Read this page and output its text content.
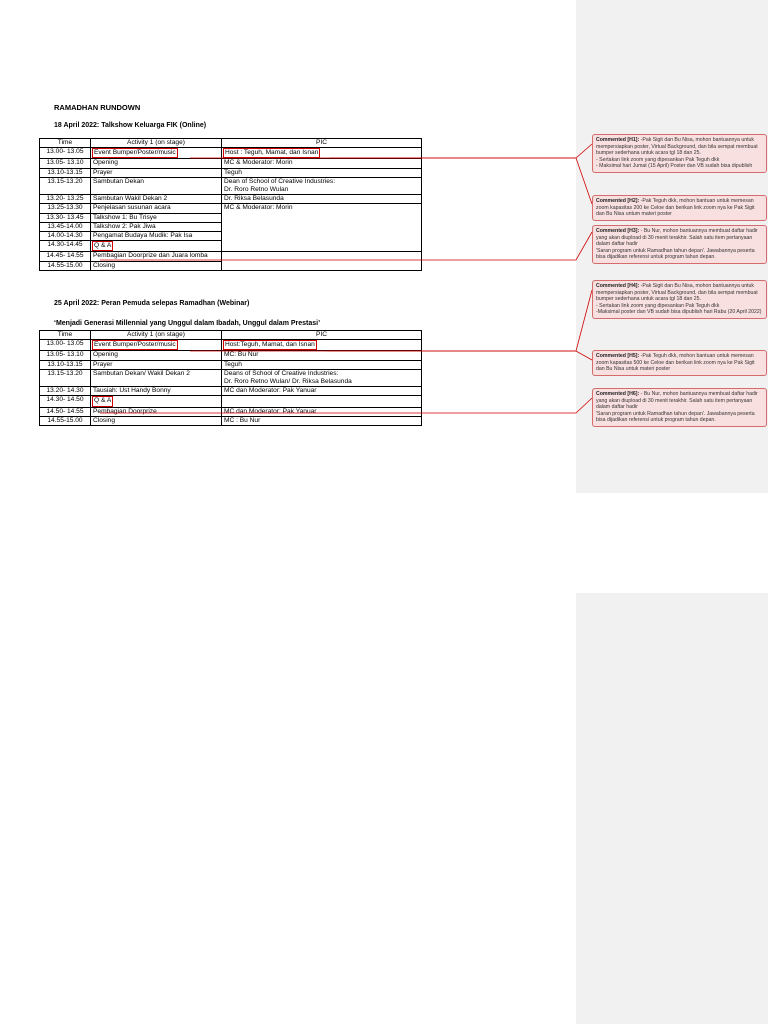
RAMADHAN RUNDOWN
18 April 2022: Talkshow Keluarga FIK (Online)
Time	Activity 1 (on stage)	PIC
13.00- 13.05	Event Bumper/Poster/music	Host : Teguh, Mamat, dan Isnan
13.05- 13.10	Opening	MC & Moderator: Morin
13.10-13.15	Prayer	Teguh
13.15-13.20	Sambutan Dekan	Dean of School of Creative Industries:
Dr. Roro Retno Wulan
13.20- 13.25	Sambutan Wakil Dekan 2	Dr. Riksa Belasunda
13.25-13.30	Penjelasan susunan acara	MC & Moderator: Morin
13.30- 13.45	Talkshow 1: Bu Trisye	
13.45-14.00	Talkshow 2: Pak Jiwa	
14.00-14.30	Pengamat Budaya Mudik: Pak Isa	
14.30-14.45	Q & A	
14.45- 14.55	Pembagian Doorprize dan Juara lomba	
14.55-15.00	Closing	
25 April 2022: Peran Pemuda selepas Ramadhan (Webinar)
‘Menjadi Generasi Millennial yang Unggul dalam Ibadah, Unggul dalam Prestasi’
Time	Activity 1 (on stage)	PIC
13.00- 13.05	Event Bumper/Poster/music	Host:Teguh, Mamat, dan Isnan
13.05- 13.10	Opening	MC: Bu Nur
13.10-13.15	Prayer	Teguh
13.15-13.20	Sambutan Dekan/ Wakil Dekan 2	Deans of School of Creative Industries:
Dr. Roro Retno Wulan/ Dr. Riksa Belasunda
13.20- 14.30	Tausiah: Ust Handy Bonny	MC dan Moderator: Pak Yanuar
14.30- 14.50	Q & A	
14.50- 14.55	Pembagian Doorprize	MC dan Moderator: Pak Yanuar
14.55-15.00	Closing	MC : Bu Nur
Commented [H1]: -Pak Sigit dan Bu Nisa, mohon bantuannya untuk mempersiapkan poster, Virtual Background, dan bila sempat membuat bumper sederhana untuk acara tgl 18 dan 25.
- Sertakan link zoom yang dipesankan Pak Teguh dkk
- Maksimal hari Jumat (15 April) Poster dan VB sudah bisa dipublish
Commented [H2]: -Pak Teguh dkk, mohon bantuan untuk memesan zoom kapasitas 200 ke Celoe dan berikan link zoom nya ke Pak Sigit dan Bu Nisa untum materi poster
Commented [H3]: - Bu Nur, mohon bantuannya membuat daftar hadir yang akan diupload di 30 menit terakhir. Salah satu item pertanyaan dalam daftar hadir
'Saran program untuk Ramadhan tahun depan'. Jawabannya peserta bisa dijadikan referensi untuk program tahun depan.
Commented [H4]: -Pak Sigit dan Bu Nisa, mohon bantuannya untuk mempersiapkan poster, Virtual Background, dan bila sempat membuat bumper sederhana untuk acara tgl 18 dan 25.
- Sertakan link zoom yang dipesankan Pak Teguh dkk
-Maksimal poster dan VB sudah bisa dipublish hari Rabu (20 April 2022)
Commented [H5]: -Pak Teguh dkk, mohon bantuan untuk memesan zoom kapasitas 500 ke Celoe dan berikan link zoom nya ke Pak Sigit dan Bu Nisa untuk materi poster
Commented [H6]: - Bu Nur, mohon bantuannya membuat daftar hadir yang akan diupload di 30 menit terakhir. Salah satu item pertanyaan dalam daftar hadir
'Saran program untuk Ramadhan tahun depan'. Jawabannya peserta bisa dijadikan referensi untuk program tahun depan.
